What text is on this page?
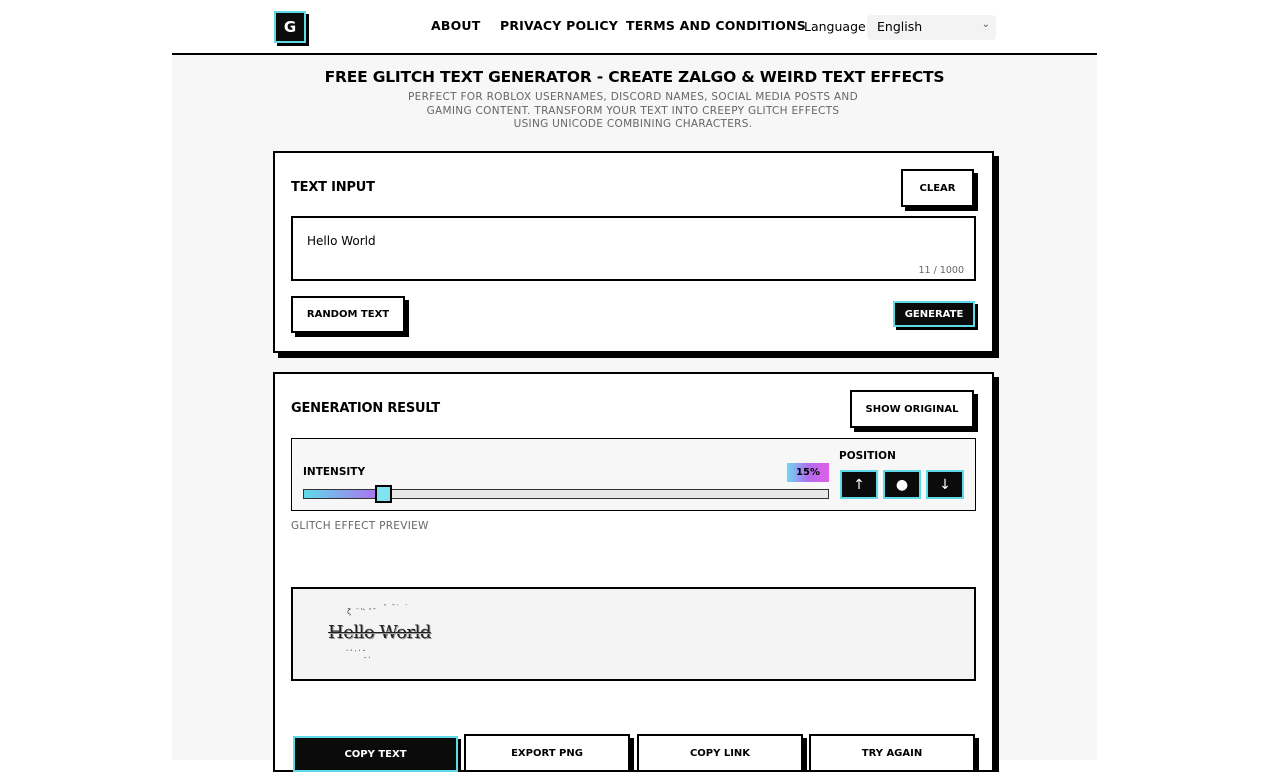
G	ABOUT PRIVACY POLICY TERMS AND CONDITIONS
Language English	⌄
FREE GLITCH TEXT GENERATOR - CREATE ZALGO & WEIRD TEXT EFFECTS
PERFECT FOR ROBLOX USERNAMES, DISCORD NAMES, SOCIAL MEDIA POSTS AND GAMING CONTENT. TRANSFORM YOUR TEXT INTO CREEPY GLITCH EFFECTS USING UNICODE COMBINING CHARACTERS.
TEXT INPUT	CLEAR
Hello World
11 / 1000
RANDOM TEXT	GENERATE
GENERATION RESULT	SHOW ORIGINAL
INTENSITY	15%
POSITION
↑	●	↓
GLITCH EFFECT PREVIEW
ζ ̈ ̾ ͛ ̃ ̄ ˇ ̄ ˙ ̇
Hello World
̖ ̥ ̩ ̦ ̝
̤ ̗
COPY TEXT	EXPORT PNG	COPY LINK	TRY AGAIN
